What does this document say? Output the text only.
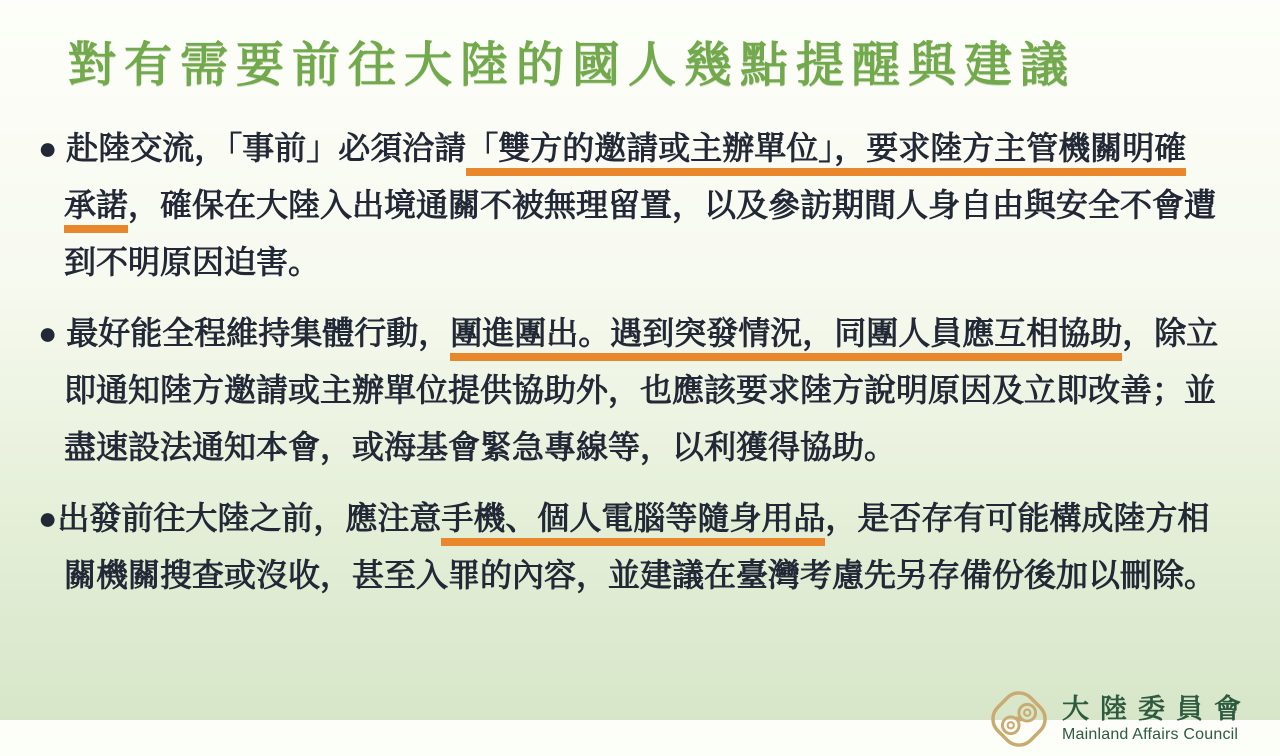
對有需要前往大陸的國人幾點提醒與建議
● 赴陸交流，「事前」必須洽請「雙方的邀請或主辦單位」，要求陸方主管機關明確
承諾，確保在大陸入出境通關不被無理留置，以及參訪期間人身自由與安全不會遭
到不明原因迫害。
● 最好能全程維持集體行動，團進團出。遇到突發情況，同團人員應互相協助，除立
即通知陸方邀請或主辦單位提供協助外，也應該要求陸方說明原因及立即改善；並
盡速設法通知本會，或海基會緊急專線等，以利獲得協助。
●出發前往大陸之前，應注意手機、個人電腦等隨身用品，是否存有可能構成陸方相
關機關搜查或沒收，甚至入罪的內容，並建議在臺灣考慮先另存備份後加以刪除。
大陸委員會
Mainland Affairs Council
